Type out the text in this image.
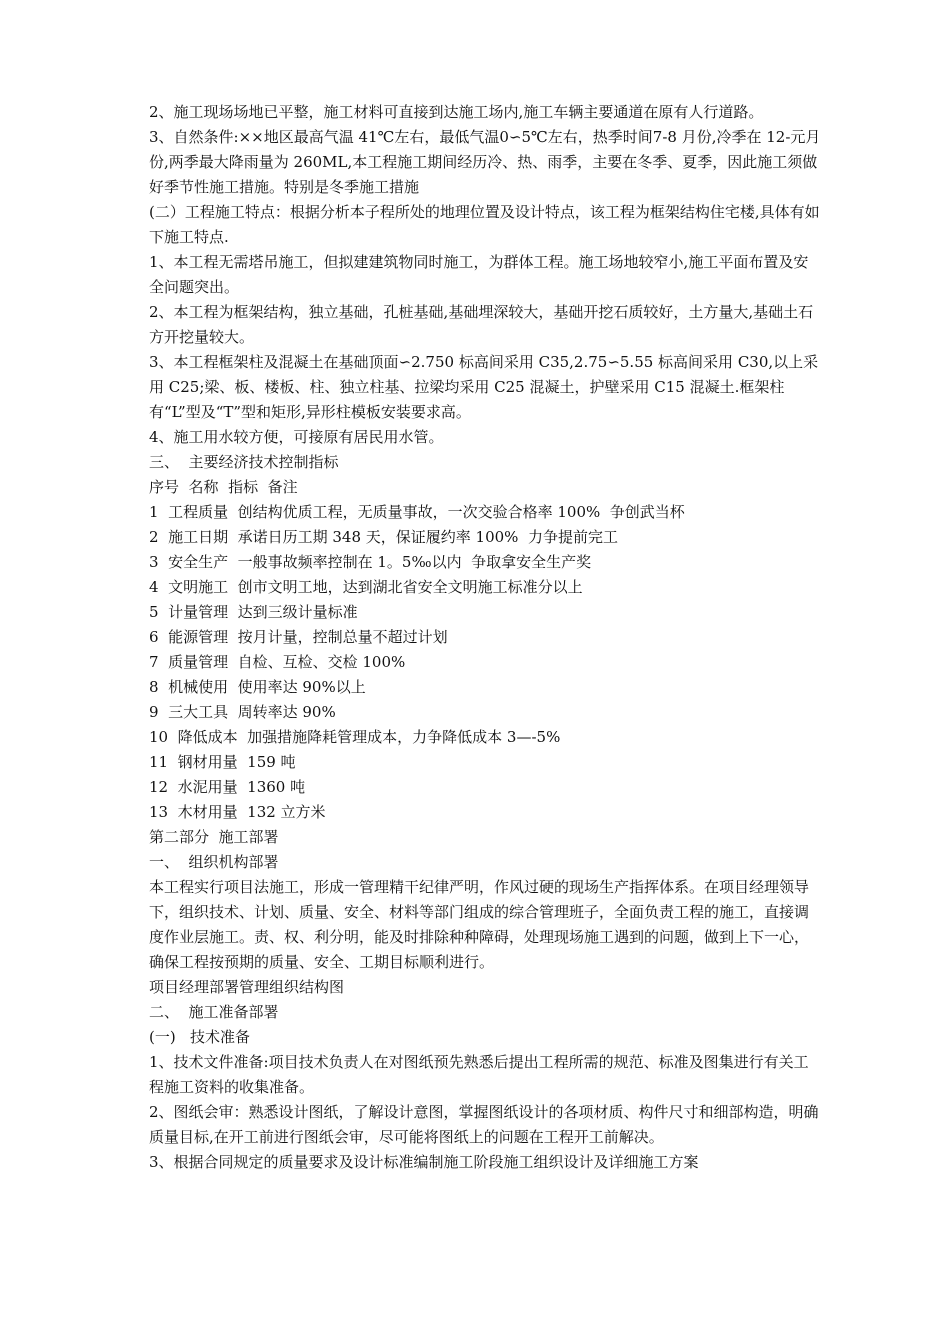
2、施工现场场地已平整，施工材料可直接到达施工场内,施工车辆主要通道在原有人行道路。

3、自然条件:××地区最高气温 41℃左右，最低气温0∽5℃左右，热季时间7-8 月份,冷季在 12-元月份,两季最大降雨量为 260ML,本工程施工期间经历冷、热、雨季，主要在冬季、夏季，因此施工须做好季节性施工措施。特别是冬季施工措施

(二）工程施工特点：根据分析本子程所处的地理位置及设计特点，该工程为框架结构住宅楼,具体有如下施工特点.

1、本工程无需塔吊施工，但拟建建筑物同时施工，为群体工程。施工场地较窄小,施工平面布置及安全问题突出。

2、本工程为框架结构，独立基础，孔桩基础,基础埋深较大，基础开挖石质较好，土方量大,基础土石方开挖量较大。

3、本工程框架柱及混凝土在基础顶面∽2.750 标高间采用 C35,2.75∽5.55 标高间采用 C30,以上采用 C25;梁、板、楼板、柱、独立柱基、拉梁均采用 C25 混凝土，护壁采用 C15 混凝土.框架柱有“L”型及“T”型和矩形,异形柱模板安装要求高。

4、施工用水较方便，可接原有居民用水管。

三、  主要经济技术控制指标

序号  名称  指标  备注

1  工程质量  创结构优质工程，无质量事故，一次交验合格率 100%  争创武当杯

2  施工日期  承诺日历工期 348 天，保证履约率 100%  力争提前完工

3  安全生产  一般事故频率控制在 1。5‰以内  争取拿安全生产奖

4  文明施工  创市文明工地，达到湖北省安全文明施工标准分以上

5  计量管理  达到三级计量标准

6  能源管理  按月计量，控制总量不超过计划

7  质量管理  自检、互检、交检 100%

8  机械使用  使用率达 90%以上

9  三大工具  周转率达 90%

10  降低成本  加强措施降耗管理成本，力争降低成本 3—-5%

11  钢材用量  159 吨

12  水泥用量  1360 吨

13  木材用量  132 立方米

第二部分  施工部署

一、  组织机构部署

本工程实行项目法施工，形成一管理精干纪律严明，作风过硬的现场生产指挥体系。在项目经理领导下，组织技术、计划、质量、安全、材料等部门组成的综合管理班子，全面负责工程的施工，直接调度作业层施工。责、权、利分明，能及时排除种种障碍，处理现场施工遇到的问题，做到上下一心，确保工程按预期的质量、安全、工期目标顺利进行。

项目经理部署管理组织结构图

二、  施工准备部署

(一)   技术准备

1、技术文件准备:项目技术负责人在对图纸预先熟悉后提出工程所需的规范、标准及图集进行有关工程施工资料的收集准备。

2、图纸会审：熟悉设计图纸，了解设计意图，掌握图纸设计的各项材质、构件尺寸和细部构造，明确质量目标,在开工前进行图纸会审，尽可能将图纸上的问题在工程开工前解决。

3、根据合同规定的质量要求及设计标准编制施工阶段施工组织设计及详细施工方案
